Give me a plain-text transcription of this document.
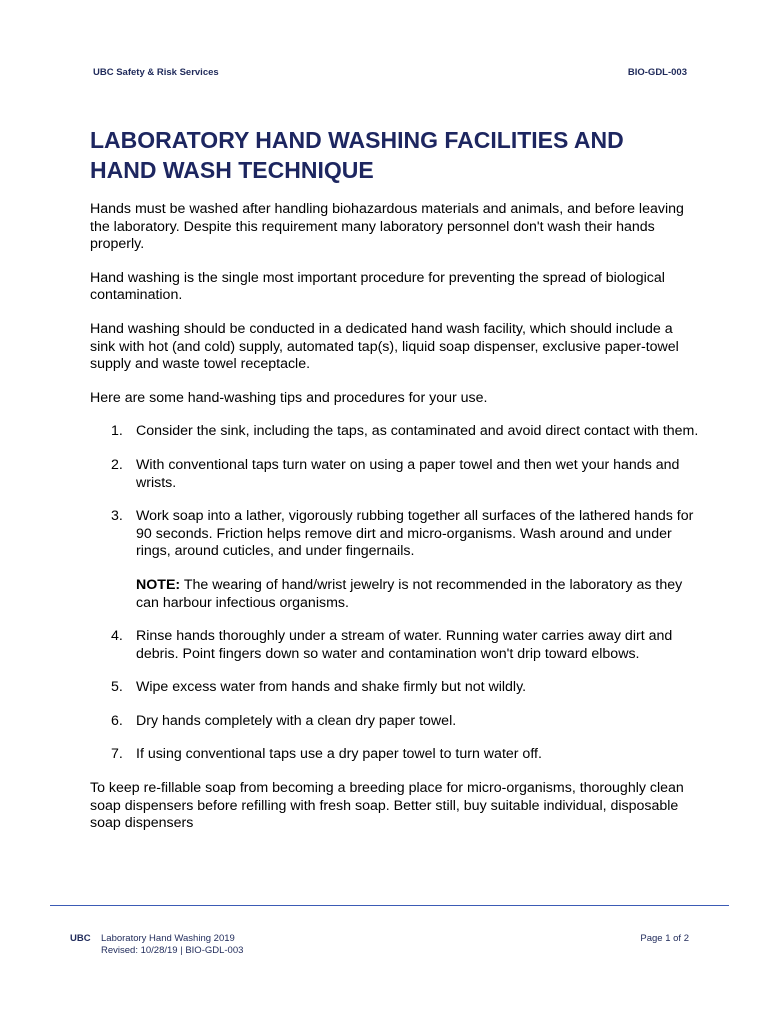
UBC Safety & Risk Services	BIO-GDL-003
LABORATORY HAND WASHING FACILITIES AND
HAND WASH TECHNIQUE

Hands must be washed after handling biohazardous materials and animals, and before leaving the laboratory. Despite this requirement many laboratory personnel don't wash their hands properly.

Hand washing is the single most important procedure for preventing the spread of biological contamination.

Hand washing should be conducted in a dedicated hand wash facility, which should include a sink with hot (and cold) supply, automated tap(s), liquid soap dispenser, exclusive paper-towel supply and waste towel receptacle.

Here are some hand-washing tips and procedures for your use.

1. Consider the sink, including the taps, as contaminated and avoid direct contact with them.
2. With conventional taps turn water on using a paper towel and then wet your hands and wrists.
3. Work soap into a lather, vigorously rubbing together all surfaces of the lathered hands for 90 seconds. Friction helps remove dirt and micro-organisms. Wash around and under rings, around cuticles, and under fingernails.
NOTE: The wearing of hand/wrist jewelry is not recommended in the laboratory as they can harbour infectious organisms.
4. Rinse hands thoroughly under a stream of water. Running water carries away dirt and debris. Point fingers down so water and contamination won't drip toward elbows.
5. Wipe excess water from hands and shake firmly but not wildly.
6. Dry hands completely with a clean dry paper towel.
7. If using conventional taps use a dry paper towel to turn water off.

To keep re-fillable soap from becoming a breeding place for micro-organisms, thoroughly clean soap dispensers before refilling with fresh soap. Better still, buy suitable individual, disposable soap dispensers

UBC Laboratory Hand Washing 2019
Revised: 10/28/19 | BIO-GDL-003
Page 1 of 2
